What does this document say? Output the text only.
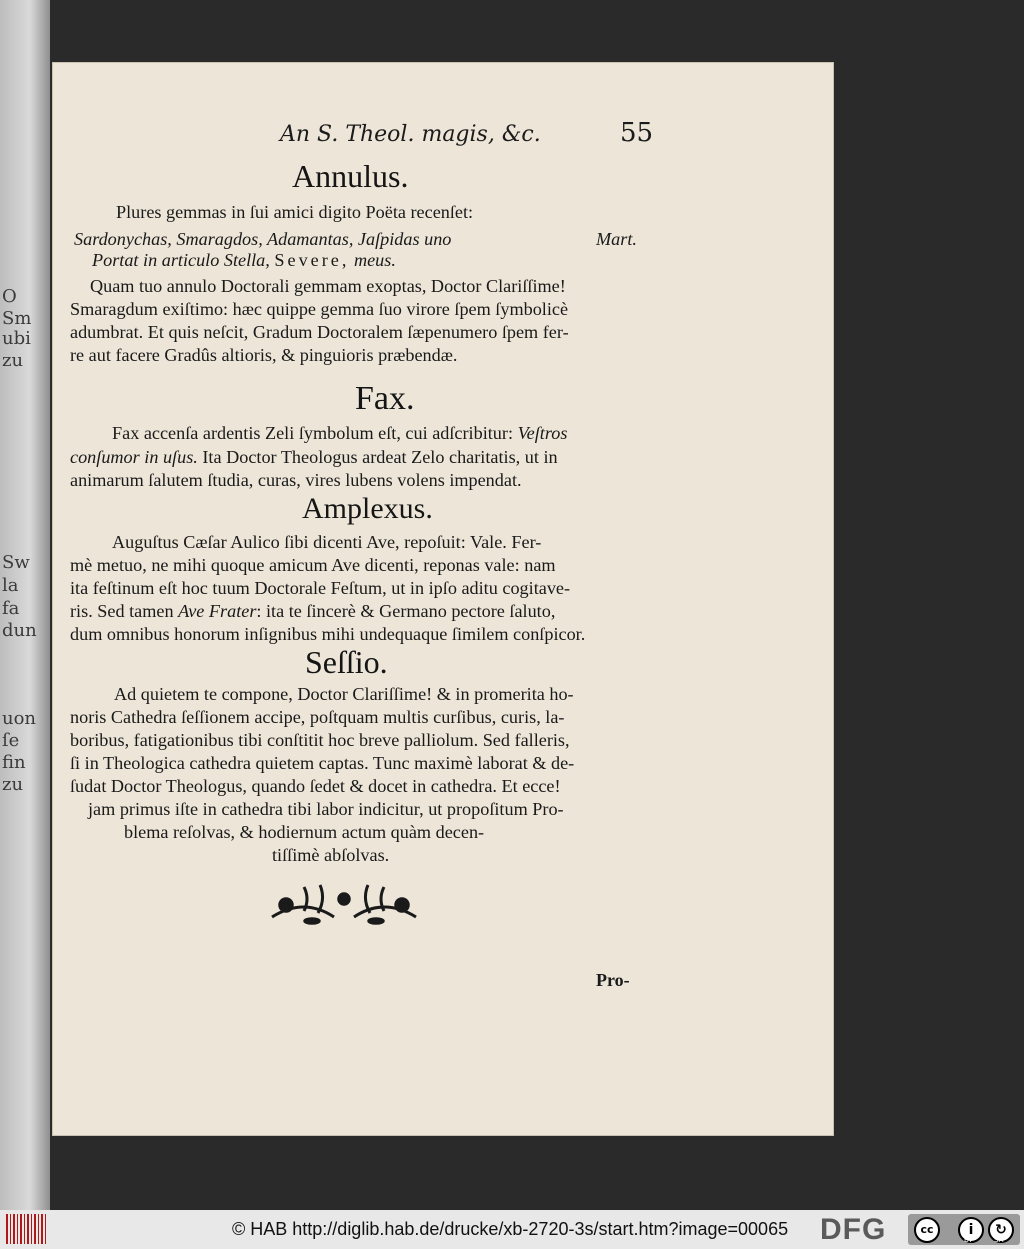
O
Sm
ubi
zu
Sw
la
fa
dun
uon
ſe
fin
zu
An S. Theol. magis, &c.	55
Annulus.
Plures gemmas in ſui amici digito Poëta recenſet:
Sardonychas, Smaragdos, Adamantas, Jaſpidas uno	Mart.
Portat in articulo Stella, Severe, meus.
Quam tuo annulo Doctorali gemmam exoptas, Doctor Clariſſime!
Smaragdum exiſtimo: hæc quippe gemma ſuo virore ſpem ſymbolicè
adumbrat. Et quis neſcit, Gradum Doctoralem ſæpenumero ſpem fer-
re aut facere Gradûs altioris, & pinguioris præbendæ.
Fax.
Fax accenſa ardentis Zeli ſymbolum eſt, cui adſcribitur: Veſtros
conſumor in uſus. Ita Doctor Theologus ardeat Zelo charitatis, ut in
animarum ſalutem ſtudia, curas, vires lubens volens impendat.
Amplexus.
Auguſtus Cæſar Aulico ſibi dicenti Ave, repoſuit: Vale. Fer-
mè metuo, ne mihi quoque amicum Ave dicenti, reponas vale: nam
ita feſtinum eſt hoc tuum Doctorale Feſtum, ut in ipſo aditu cogitave-
ris. Sed tamen Ave Frater: ita te ſincerè & Germano pectore ſaluto,
dum omnibus honorum inſignibus mihi undequaque ſimilem conſpicor.
Seſſio.
Ad quietem te compone, Doctor Clariſſime! & in promerita ho-
noris Cathedra ſeſſionem accipe, poſtquam multis curſibus, curis, la-
boribus, fatigationibus tibi conſtitit hoc breve palliolum. Sed falleris,
ſi in Theologica cathedra quietem captas. Tunc maximè laborat & de-
ſudat Doctor Theologus, quando ſedet & docet in cathedra. Et ecce!
jam primus iſte in cathedra tibi labor indicitur, ut propoſitum Pro-
blema reſolvas, & hodiernum actum quàm decen-
tiſſimè abſolvas.
Pro-
© HAB http://diglib.hab.de/drucke/xb-2720-3s/start.htm?image=00065 DFG	cc	i	↻
BY	SA
